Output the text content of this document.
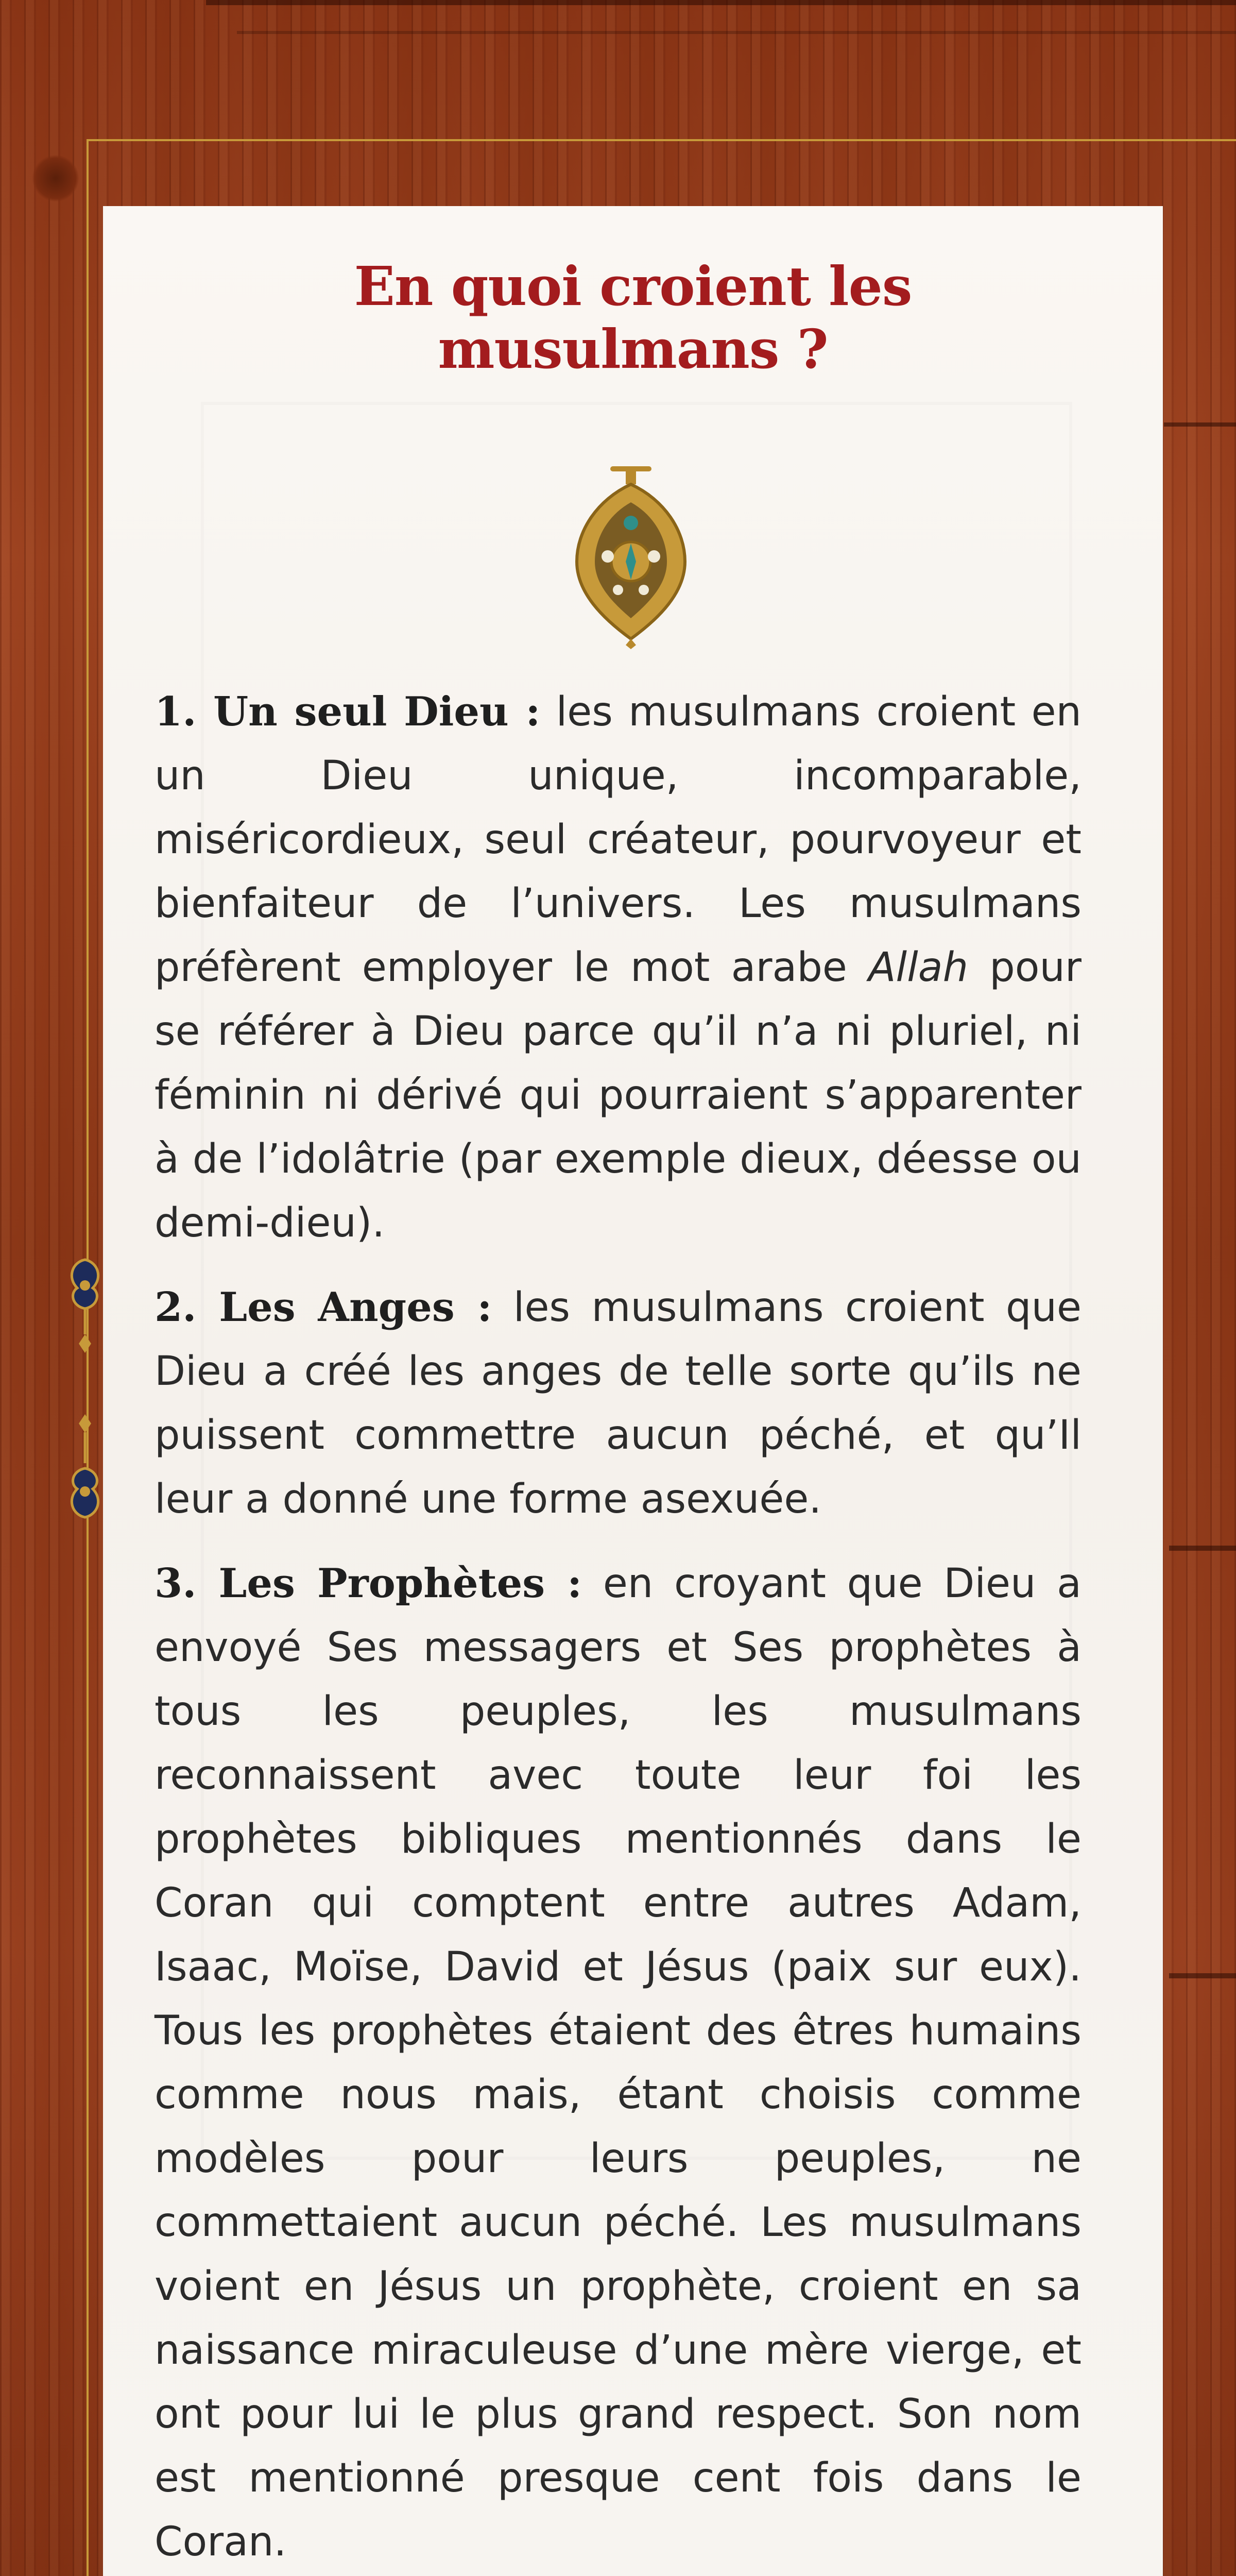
En quoi croient les musulmans ?

1. Un seul Dieu : les musulmans croient en un Dieu unique, incomparable, miséricordieux, seul créateur, pourvoyeur et bienfaiteur de l’univers. Les musulmans préfèrent employer le mot arabe Allah pour se référer à Dieu parce qu’il n’a ni pluriel, ni féminin ni dérivé qui pourraient s’apparenter à de l’idolâtrie (par exemple dieux, déesse ou demi-dieu).

2. Les Anges : les musulmans croient que Dieu a créé les anges de telle sorte qu’ils ne puissent commettre aucun péché, et qu’Il leur a donné une forme asexuée.

3. Les Prophètes : en croyant que Dieu a envoyé Ses messagers et Ses prophètes à tous les peuples, les musulmans reconnaissent avec toute leur foi les prophètes bibliques mentionnés dans le Coran qui comptent entre autres Adam, Isaac, Moïse, David et Jésus (paix sur eux). Tous les prophètes étaient des êtres humains comme nous mais, étant choisis comme modèles pour leurs peuples, ne commettaient aucun péché. Les musulmans voient en Jésus un prophète, croient en sa naissance miraculeuse d’une mère vierge, et ont pour lui le plus grand respect. Son nom est mentionné presque cent fois dans le Coran.
